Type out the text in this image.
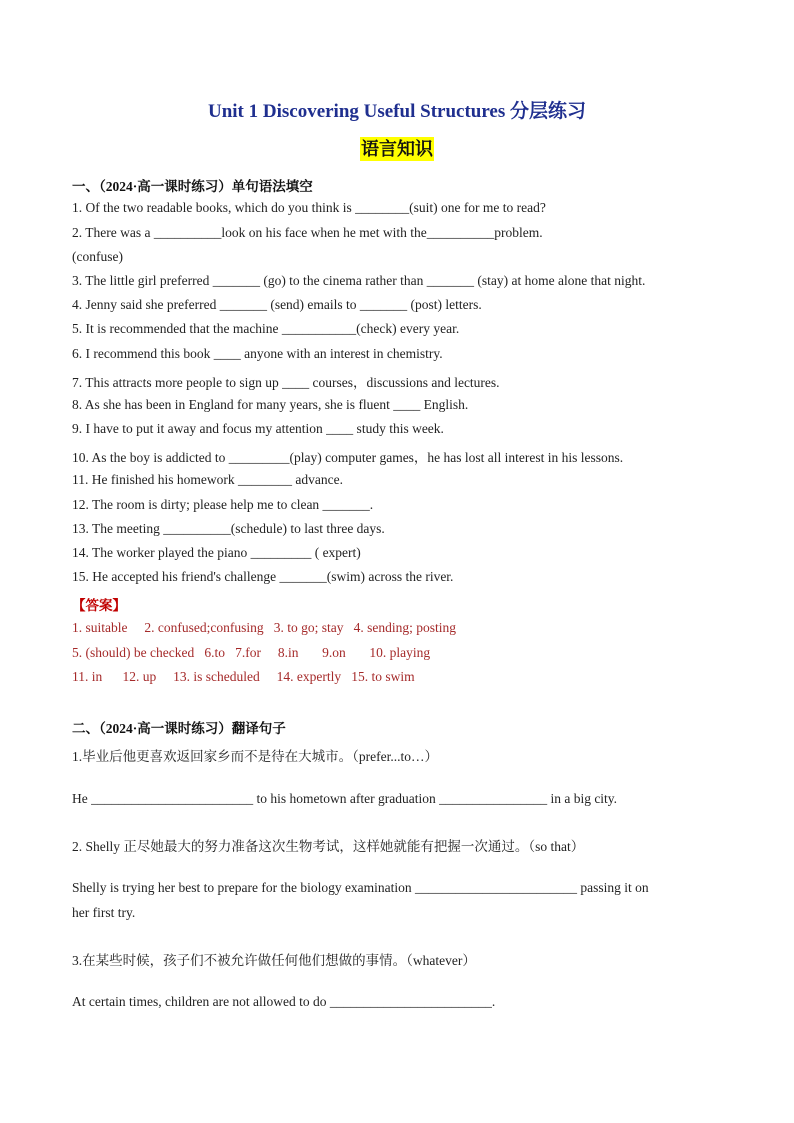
Unit 1 Discovering Useful Structures 分层练习
语言知识
一、（2024·高一课时练习）单句语法填空
1. Of the two readable books, which do you think is ________(suit) one for me to read?
2. There was a __________look on his face when he met with the__________problem.
(confuse)
3. The little girl preferred _______ (go) to the cinema rather than _______ (stay) at home alone that night.
4. Jenny said she preferred _______ (send) emails to _______ (post) letters.
5. It is recommended that the machine ___________(check) every year.
6. I recommend this book ____ anyone with an interest in chemistry.
7. This attracts more people to sign up ____ courses，discussions and lectures.
8. As she has been in England for many years, she is fluent ____ English.
9. I have to put it away and focus my attention ____ study this week.
10. As the boy is addicted to _________(play) computer games，he has lost all interest in his lessons.
11. He finished his homework ________ advance.
12. The room is dirty; please help me to clean _______.
13. The meeting __________(schedule) to last three days.
14. The worker played the piano _________ ( expert)
15. He accepted his friend's challenge _______(swim) across the river.
【答案】
1. suitable     2. confused;confusing   3. to go; stay   4. sending; posting
5. (should) be checked   6.to   7.for     8.in       9.on       10. playing
11. in      12. up     13. is scheduled     14. expertly   15. to swim
二、（2024·高一课时练习）翻译句子
1.毕业后他更喜欢返回家乡而不是待在大城市。（prefer...to…）
He ________________________ to his hometown after graduation ________________ in a big city.
2. Shelly 正尽她最大的努力准备这次生物考试，这样她就能有把握一次通过。（so that）
Shelly is trying her best to prepare for the biology examination ________________________ passing it on
her first try.
3.在某些时候，孩子们不被允许做任何他们想做的事情。（whatever）
At certain times, children are not allowed to do ________________________.
